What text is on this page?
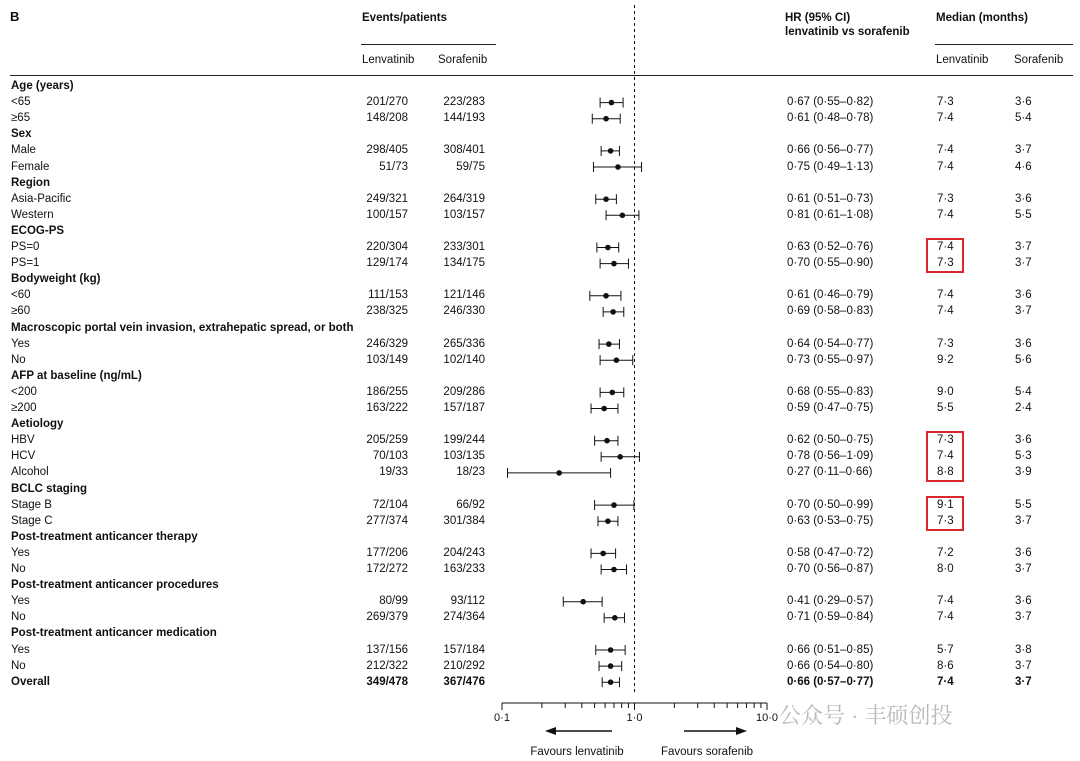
B	Events/patients
Lenvatinib Sorafenib
HR (95% CI)
lenvatinib vs sorafenib
Median (months)
Lenvatinib Sorafenib
Age (years)
<65	201/270	223/283	0·67 (0·55–0·82)	7·3	3·6
≥65	148/208	144/193	0·61 (0·48–0·78)	7·4	5·4
Sex
Male	298/405	308/401	0·66 (0·56–0·77)	7·4	3·7
Female	51/73	59/75	0·75 (0·49–1·13)	7·4	4·6
Region
Asia-Pacific	249/321	264/319	0·61 (0·51–0·73)	7·3	3·6
Western	100/157	103/157	0·81 (0·61–1·08)	7·4	5·5
ECOG-PS
PS=0	220/304	233/301	0·63 (0·52–0·76)	7·4	3·7
PS=1	129/174	134/175	0·70 (0·55–0·90)	7·3	3·7
Bodyweight (kg)
<60	111/153	121/146	0·61 (0·46–0·79)	7·4	3·6
≥60	238/325	246/330	0·69 (0·58–0·83)	7·4	3·7
Macroscopic portal vein invasion, extrahepatic spread, or both
Yes	246/329	265/336	0·64 (0·54–0·77)	7·3	3·6
No	103/149	102/140	0·73 (0·55–0·97)	9·2	5·6
AFP at baseline (ng/mL)
<200	186/255	209/286	0·68 (0·55–0·83)	9·0	5·4
≥200	163/222	157/187	0·59 (0·47–0·75)	5·5	2·4
Aetiology
HBV	205/259	199/244	0·62 (0·50–0·75)	7·3	3·6
HCV	70/103	103/135	0·78 (0·56–1·09)	7·4	5·3
Alcohol	19/33	18/23	0·27 (0·11–0·66)	8·8	3·9
BCLC staging
Stage B	72/104	66/92	0·70 (0·50–0·99)	9·1	5·5
Stage C	277/374	301/384	0·63 (0·53–0·75)	7·3	3·7
Post-treatment anticancer therapy
Yes	177/206	204/243	0·58 (0·47–0·72)	7·2	3·6
No	172/272	163/233	0·70 (0·56–0·87)	8·0	3·7
Post-treatment anticancer procedures
Yes	80/99	93/112	0·41 (0·29–0·57)	7·4	3·6
No	269/379	274/364	0·71 (0·59–0·84)	7·4	3·7
Post-treatment anticancer medication
Yes	137/156	157/184	0·66 (0·51–0·85)	5·7	3·8
No	212/322	210/292	0·66 (0·54–0·80)	8·6	3·7
Overall	349/478	367/476	0·66 (0·57–0·77)	7·4	3·7
0·1	1·0	10·0
Favours lenvatinib	Favours sorafenib
公众号 · 丰硕创投
